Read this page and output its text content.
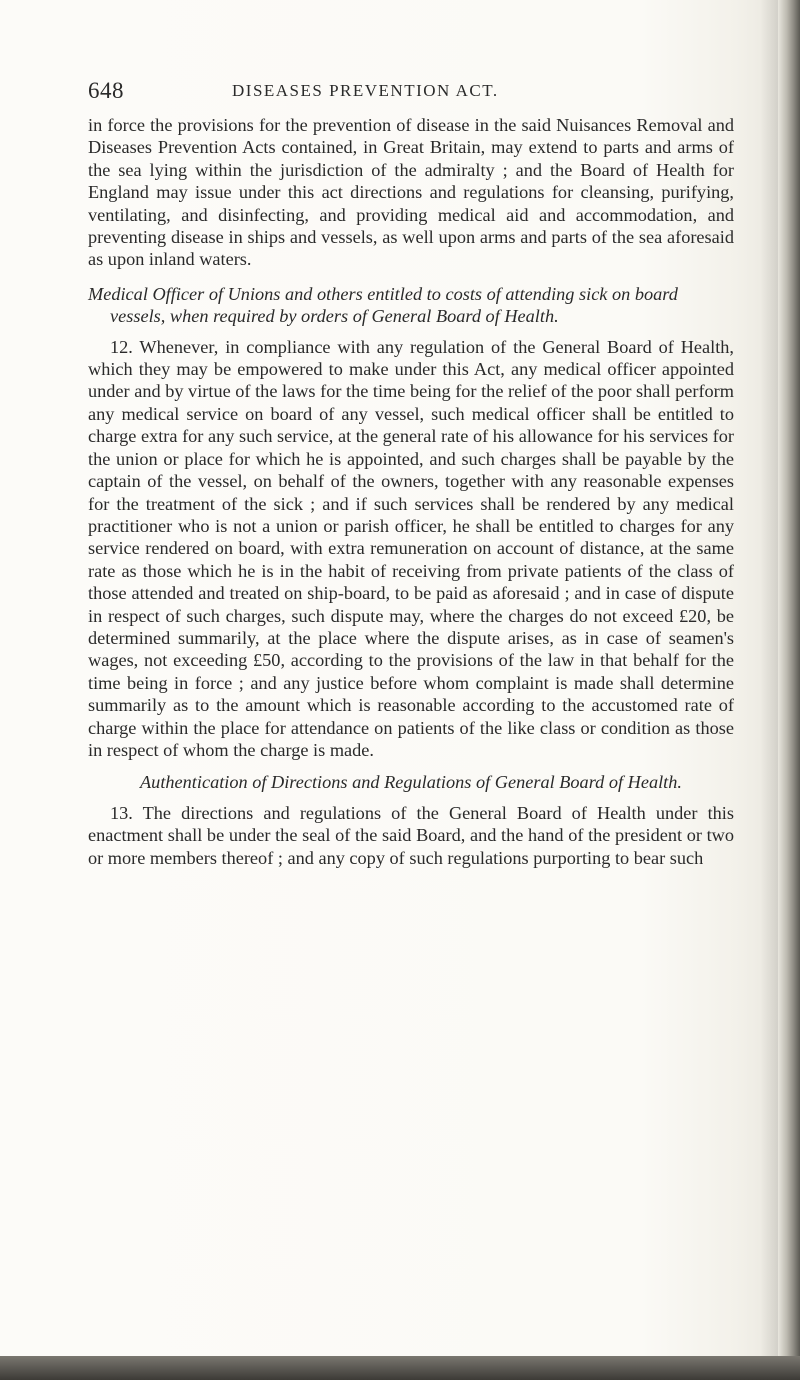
648	DISEASES PREVENTION ACT.

in force the provisions for the prevention of disease in the said Nuisances Removal and Diseases Prevention Acts contained, in Great Britain, may extend to parts and arms of the sea lying within the jurisdiction of the admiralty ; and the Board of Health for England may issue under this act directions and regulations for cleansing, purifying, ventilating, and disinfecting, and providing medical aid and accommodation, and preventing disease in ships and vessels, as well upon arms and parts of the sea aforesaid as upon inland waters.

Medical Officer of Unions and others entitled to costs of attending sick on board vessels, when required by orders of General Board of Health.

12. Whenever, in compliance with any regulation of the General Board of Health, which they may be empowered to make under this Act, any medical officer appointed under and by virtue of the laws for the time being for the relief of the poor shall perform any medical service on board of any vessel, such medical officer shall be entitled to charge extra for any such service, at the general rate of his allowance for his services for the union or place for which he is appointed, and such charges shall be payable by the captain of the vessel, on behalf of the owners, together with any reasonable expenses for the treatment of the sick ; and if such services shall be rendered by any medical practitioner who is not a union or parish officer, he shall be entitled to charges for any service rendered on board, with extra remuneration on account of distance, at the same rate as those which he is in the habit of receiving from private patients of the class of those attended and treated on ship-board, to be paid as aforesaid ; and in case of dispute in respect of such charges, such dispute may, where the charges do not exceed £20, be determined summarily, at the place where the dispute arises, as in case of seamen's wages, not exceeding £50, according to the provisions of the law in that behalf for the time being in force ; and any justice before whom complaint is made shall determine summarily as to the amount which is reasonable according to the accustomed rate of charge within the place for attendance on patients of the like class or condition as those in respect of whom the charge is made.

Authentication of Directions and Regulations of General Board of Health.

13. The directions and regulations of the General Board of Health under this enactment shall be under the seal of the said Board, and the hand of the president or two or more members thereof ; and any copy of such regulations purporting to bear such
